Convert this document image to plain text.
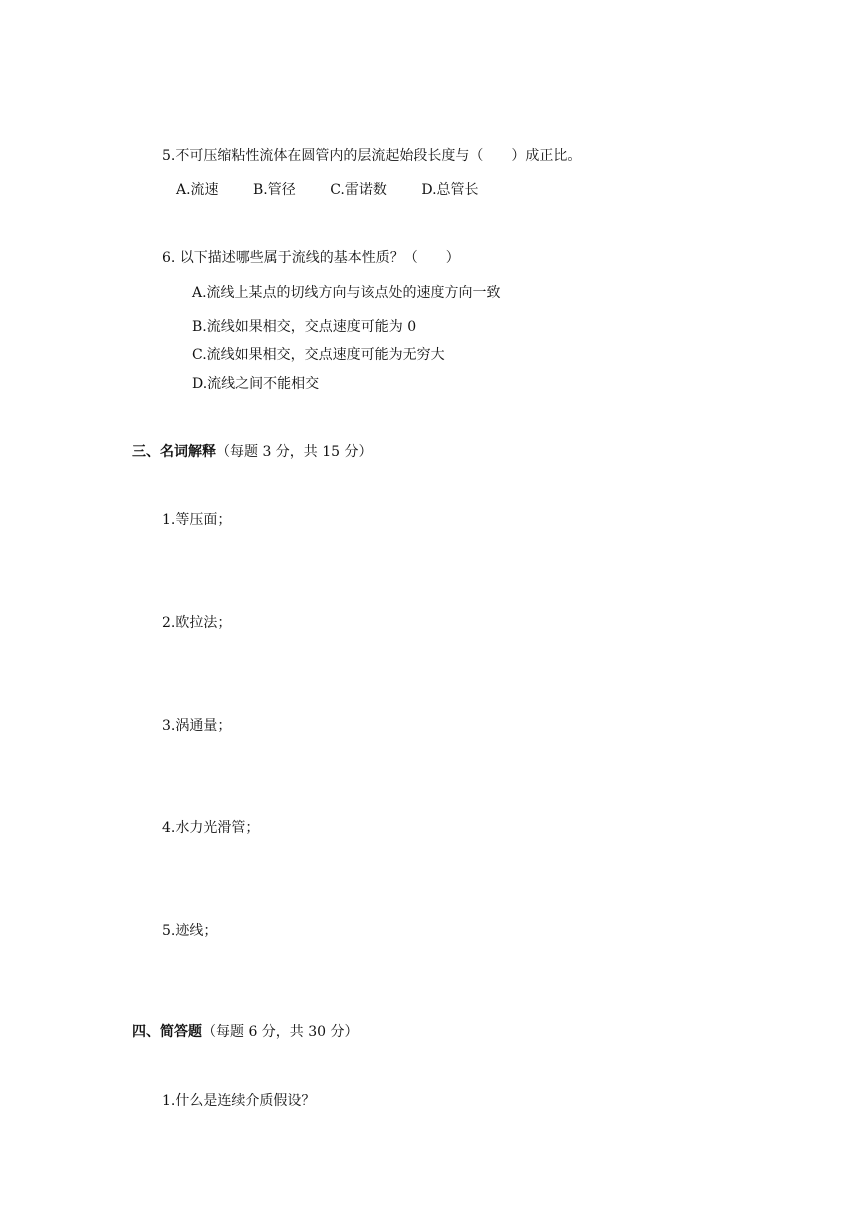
5.不可压缩粘性流体在圆管内的层流起始段长度与（　　）成正比。
A.流速 B.管径 C.雷诺数 D.总管长
6. 以下描述哪些属于流线的基本性质？（　　）
A.流线上某点的切线方向与该点处的速度方向一致
B.流线如果相交，交点速度可能为 0
C.流线如果相交，交点速度可能为无穷大
D.流线之间不能相交
三、名词解释（每题 3 分，共 15 分）
1.等压面；
2.欧拉法；
3.涡通量；
4.水力光滑管；
5.迹线；
四、简答题（每题 6 分，共 30 分）
1.什么是连续介质假设？
